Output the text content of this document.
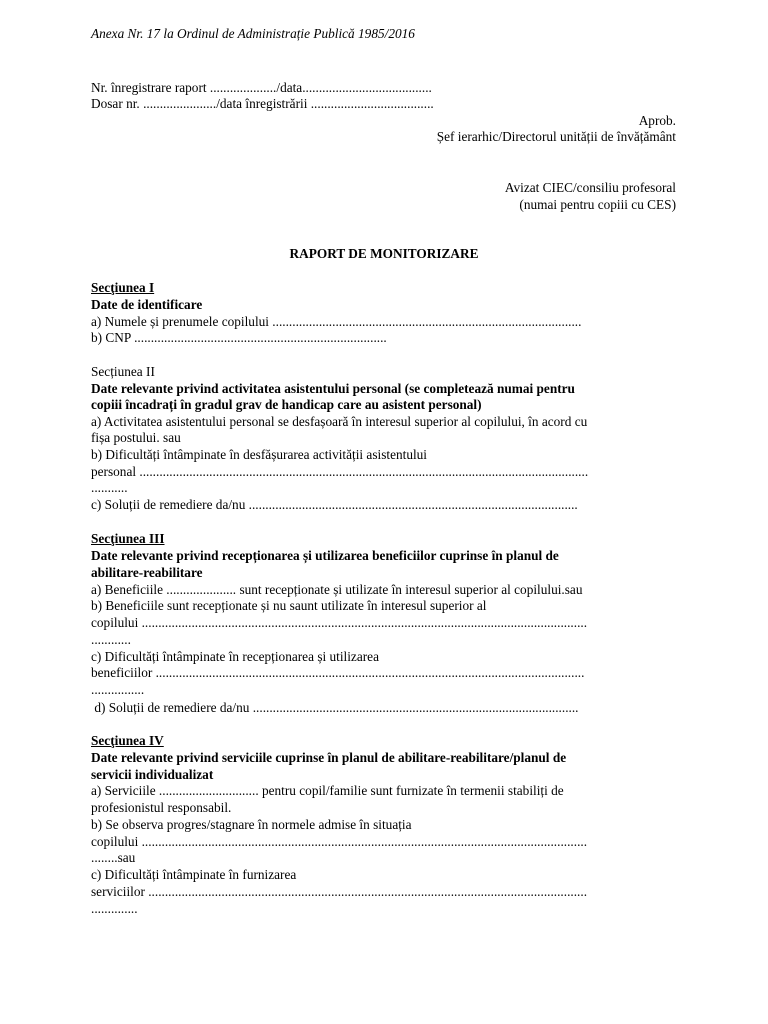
Anexa Nr. 17 la Ordinul de Administrație Publică 1985/2016
Nr. înregistrare raport ..................../data.......................................
Dosar nr. ....................../data înregistrării .....................................
Aprob.
Șef ierarhic/Directorul unității de învățământ
Avizat CIEC/consiliu profesoral
(numai pentru copiii cu CES)
RAPORT DE MONITORIZARE
Secţiunea I
Date de identificare
a) Numele și prenumele copilului .............................................................................................
b) CNP ............................................................................
Secțiunea II
Date relevante privind activitatea asistentului personal (se completează numai pentru
copiii încadrați în gradul grav de handicap care au asistent personal)
a) Activitatea asistentului personal se desfașoară în interesul superior al copilului, în acord cu
fișa postului. sau
b) Dificultăți întâmpinate în desfășurarea activității asistentului
personal .......................................................................................................................................
...........
c) Soluții de remediere da/nu ...................................................................................................
Secţiunea III
Date relevante privind recepționarea și utilizarea beneficiilor cuprinse în planul de
abilitare-reabilitare
a) Beneficiile ..................... sunt recepționate și utilizate în interesul superior al copilului.sau
b) Beneficiile sunt recepționate și nu saunt utilizate în interesul superior al
copilului ......................................................................................................................................
............
c) Dificultăți întâmpinate în recepționarea și utilizarea
beneficiilor .................................................................................................................................
................
d) Soluții de remediere da/nu ..................................................................................................
Secţiunea IV
Date relevante privind serviciile cuprinse în planul de abilitare-reabilitare/planul de
servicii individualizat
a) Serviciile .............................. pentru copil/familie sunt furnizate în termenii stabiliți de
profesionistul responsabil.
b) Se observa progres/stagnare în normele admise în situația
copilului ......................................................................................................................................
........sau
c) Dificultăți întâmpinate în furnizarea
serviciilor ....................................................................................................................................
..............
